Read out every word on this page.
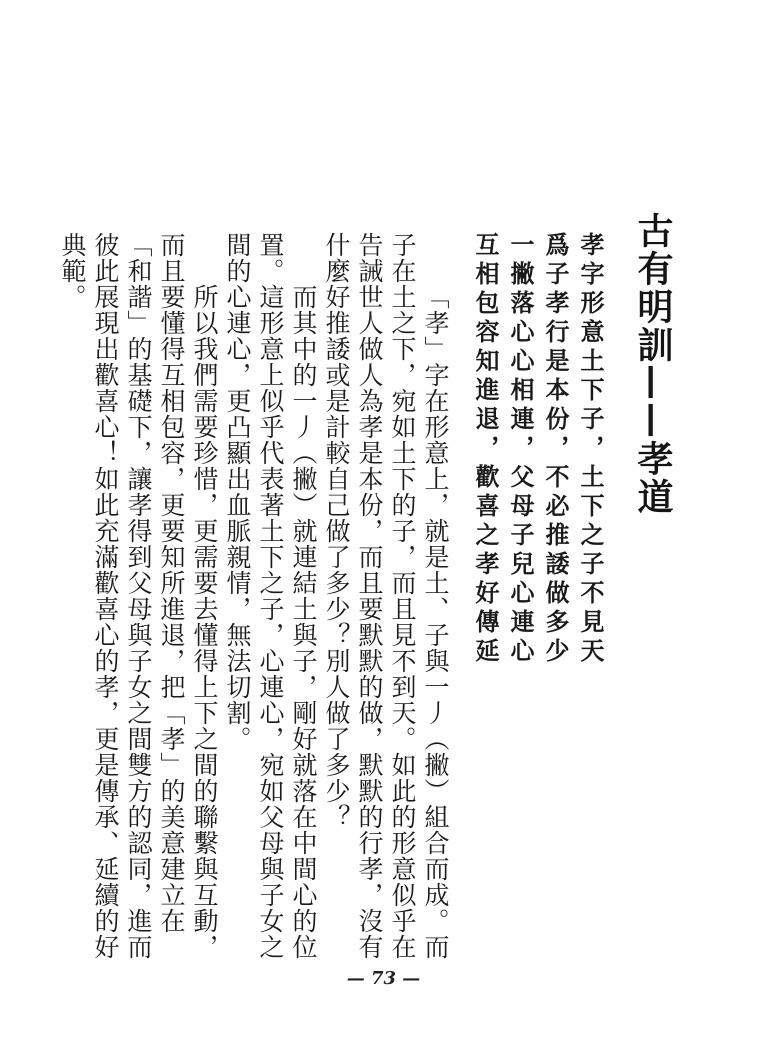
古有明訓——孝道
孝字形意土下子，土下之子不見天
爲子孝行是本份，不必推諉做多少
一撇落心心相連，父母子兒心連心
互相包容知進退，歡喜之孝好傳延
「孝」字在形意上，就是土、子與一丿（撇）組合而成。而
子在土之下，宛如土下的子，而且見不到天。如此的形意似乎在
告誡世人做人為孝是本份，而且要默默的做，默默的行孝，沒有
什麼好推諉或是計較自己做了多少？別人做了多少？
而其中的一丿（撇）就連結土與子，剛好就落在中間心的位
置。這形意上似乎代表著土下之子，心連心，宛如父母與子女之
間的心連心，更凸顯出血脈親情，無法切割。
所以我們需要珍惜，更需要去懂得上下之間的聯繫與互動，
而且要懂得互相包容，更要知所進退，把「孝」的美意建立在
「和諧」的基礎下，讓孝得到父母與子女之間雙方的認同，進而
彼此展現出歡喜心！如此充滿歡喜心的孝，更是傳承、延續的好
典範。
— 73 —
